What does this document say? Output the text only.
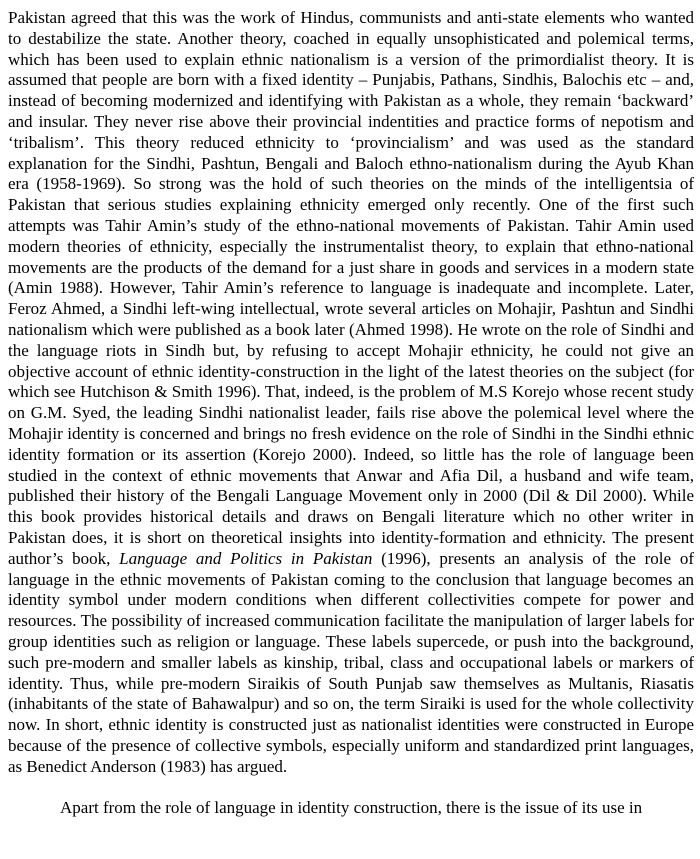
Pakistan agreed that this was the work of Hindus, communists and anti-state elements who wanted to destabilize the state. Another theory, coached in equally unsophisticated and polemical terms, which has been used to explain ethnic nationalism is a version of the primordialist theory. It is assumed that people are born with a fixed identity – Punjabis, Pathans, Sindhis, Balochis etc – and, instead of becoming modernized and identifying with Pakistan as a whole, they remain ‘backward’ and insular. They never rise above their provincial indentities and practice forms of nepotism and ‘tribalism’. This theory reduced ethnicity to ‘provincialism’ and was used as the standard explanation for the Sindhi, Pashtun, Bengali and Baloch ethno-nationalism during the Ayub Khan era (1958-1969). So strong was the hold of such theories on the minds of the intelligentsia of Pakistan that serious studies explaining ethnicity emerged only recently. One of the first such attempts was Tahir Amin’s study of the ethno-national movements of Pakistan. Tahir Amin used modern theories of ethnicity, especially the instrumentalist theory, to explain that ethno-national movements are the products of the demand for a just share in goods and services in a modern state (Amin 1988). However, Tahir Amin’s reference to language is inadequate and incomplete. Later, Feroz Ahmed, a Sindhi left-wing intellectual, wrote several articles on Mohajir, Pashtun and Sindhi nationalism which were published as a book later (Ahmed 1998). He wrote on the role of Sindhi and the language riots in Sindh but, by refusing to accept Mohajir ethnicity, he could not give an objective account of ethnic identity-construction in the light of the latest theories on the subject (for which see Hutchison & Smith 1996). That, indeed, is the problem of M.S Korejo whose recent study on G.M. Syed, the leading Sindhi nationalist leader, fails rise above the polemical level where the Mohajir identity is concerned and brings no fresh evidence on the role of Sindhi in the Sindhi ethnic identity formation or its assertion (Korejo 2000). Indeed, so little has the role of language been studied in the context of ethnic movements that Anwar and Afia Dil, a husband and wife team, published their history of the Bengali Language Movement only in 2000 (Dil & Dil 2000). While this book provides historical details and draws on Bengali literature which no other writer in Pakistan does, it is short on theoretical insights into identity-formation and ethnicity. The present author’s book, Language and Politics in Pakistan (1996), presents an analysis of the role of language in the ethnic movements of Pakistan coming to the conclusion that language becomes an identity symbol under modern conditions when different collectivities compete for power and resources. The possibility of increased communication facilitate the manipulation of larger labels for group identities such as religion or language. These labels supercede, or push into the background, such pre-modern and smaller labels as kinship, tribal, class and occupational labels or markers of identity. Thus, while pre-modern Siraikis of South Punjab saw themselves as Multanis, Riasatis (inhabitants of the state of Bahawalpur) and so on, the term Siraiki is used for the whole collectivity now. In short, ethnic identity is constructed just as nationalist identities were constructed in Europe because of the presence of collective symbols, especially uniform and standardized print languages, as Benedict Anderson (1983) has argued.

Apart from the role of language in identity construction, there is the issue of its use in
